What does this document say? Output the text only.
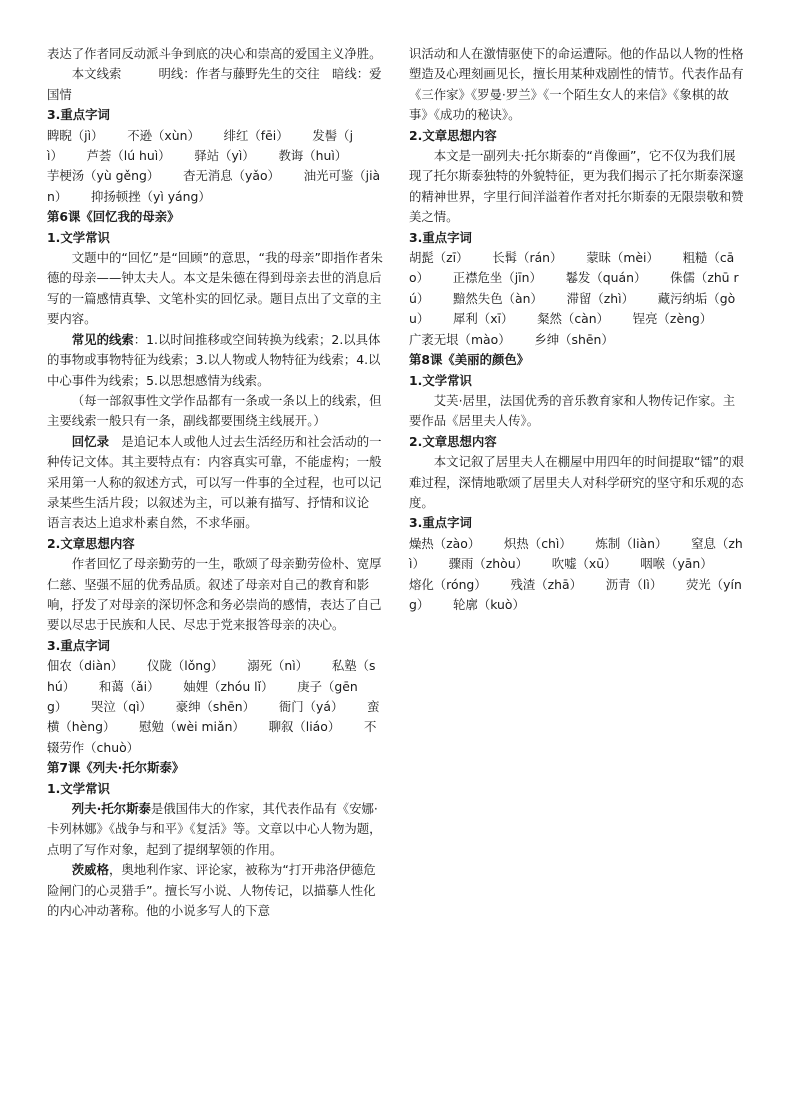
表达了作者同反动派斗争到底的决心和崇高的爱国主义净胜。

本文线索　　　明线：作者与藤野先生的交往　暗线：爱国情

3.重点字词

睥睨（jì） 不逊（xùn） 绯红（fēi） 发髻（jì） 芦荟（lú huì） 驿站（yì） 教诲（huì） 芋梗汤（yù gěng） 杳无消息（yǎo） 油光可鉴（jiàn） 抑扬顿挫（yì yáng）

第6课《回忆我的母亲》

1.文学常识

文题中的“回忆”是“回顾”的意思，“我的母亲”即指作者朱德的母亲——钟太夫人。本文是朱德在得到母亲去世的消息后写的一篇感情真挚、文笔朴实的回忆录。题目点出了文章的主要内容。

常见的线索：1.以时间推移或空间转换为线索；2.以具体的事物或事物特征为线索；3.以人物或人物特征为线索；4.以中心事件为线索；5.以思想感情为线索。

（每一部叙事性文学作品都有一条或一条以上的线索，但主要线索一般只有一条，副线都要围绕主线展开。）

回忆录　 是追记本人或他人过去生活经历和社会活动的一种传记文体。其主要特点有：内容真实可靠，不能虚构；一般采用第一人称的叙述方式，可以写一件事的全过程，也可以记录某些生活片段；以叙述为主，可以兼有描写、抒情和议论 语言表达上追求朴素自然，不求华丽。

2.文章思想内容

作者回忆了母亲勤劳的一生，歌颂了母亲勤劳俭朴、宽厚仁慈、坚强不屈的优秀品质。叙述了母亲对自己的教育和影响，抒发了对母亲的深切怀念和务必崇尚的感情，表达了自己要以尽忠于民族和人民、尽忠于党来报答母亲的决心。

3.重点字词

佃农（diàn） 仪陇（lǒng） 溺死（nì） 私塾（shú） 和蔼（ǎi） 妯娌（zhóu lǐ） 庚子（gēng） 哭泣（qì） 豪绅（shēn） 衙门（yá） 蛮横（hèng） 慰勉（wèi miǎn） 聊叙（liáo） 不辍劳作（chuò）

第7课《列夫·托尔斯泰》

1.文学常识

列夫·托尔斯泰是俄国伟大的作家，其代表作品有《安娜·卡列林娜》《战争与和平》《复活》等。文章以中心人物为题，点明了写作对象，起到了提纲挈领的作用。

茨威格，奥地利作家、评论家，被称为“打开弗洛伊德危险闸门的心灵猎手”。擅长写小说、人物传记，以描摹人性化的内心冲动著称。他的小说多写人的下意

识活动和人在激情驱使下的命运遭际。他的作品以人物的性格塑造及心理刻画见长，擅长用某种戏剧性的情节。代表作品有《三作家》《罗曼·罗兰》《一个陌生女人的来信》《象棋的故事》《成功的秘诀》。

2.文章思想内容

本文是一副列夫·托尔斯泰的“肖像画”，它不仅为我们展现了托尔斯泰独特的外貌特征，更为我们揭示了托尔斯泰深邃的精神世界，字里行间洋溢着作者对托尔斯泰的无限崇敬和赞美之情。

3.重点字词

胡髭（zī） 长髯（rán） 蒙昧（mèi） 粗糙（cāo） 正襟危坐（jīn） 鬈发（quán） 侏儒（zhū rú） 黯然失色（àn） 滞留（zhì） 藏污纳垢（gòu） 犀利（xī） 粲然（càn） 锃亮（zèng） 广袤无垠（mào） 乡绅（shēn）

第8课《美丽的颜色》

1.文学常识

艾芙·居里，法国优秀的音乐教育家和人物传记作家。主要作品《居里夫人传》。

2.文章思想内容

本文记叙了居里夫人在棚屋中用四年的时间提取“镭”的艰难过程，深情地歌颂了居里夫人对科学研究的坚守和乐观的态度。

3.重点字词

燥热（zào） 炽热（chì） 炼制（liàn） 窒息（zhì） 骤雨（zhòu） 吹嘘（xū） 咽喉（yān） 熔化（róng） 残渣（zhā） 沥青（lì） 荧光（yíng） 轮廓（kuò）
